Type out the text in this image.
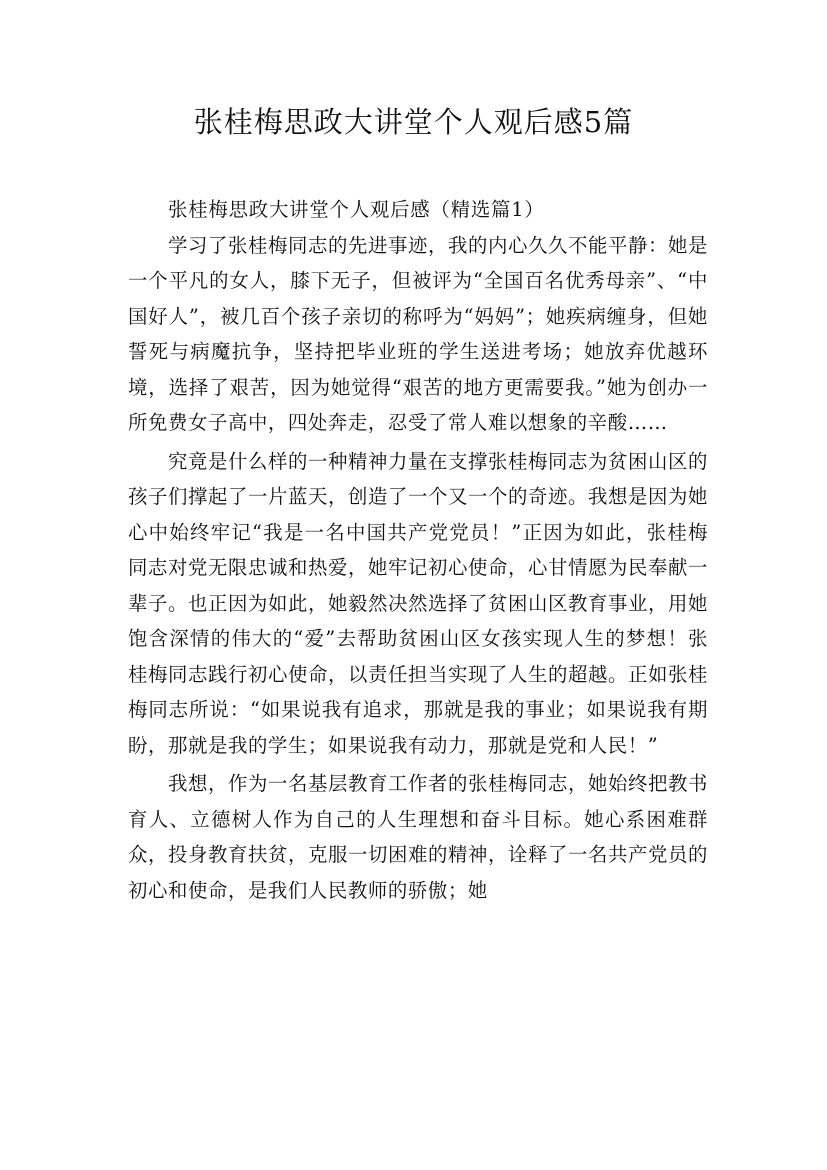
张桂梅思政大讲堂个人观后感5篇

张桂梅思政大讲堂个人观后感（精选篇1）

学习了张桂梅同志的先进事迹，我的内心久久不能平静：她是一个平凡的女人，膝下无子，但被评为“全国百名优秀母亲”、“中国好人”，被几百个孩子亲切的称呼为“妈妈”；她疾病缠身，但她誓死与病魔抗争，坚持把毕业班的学生送进考场；她放弃优越环境，选择了艰苦，因为她觉得“艰苦的地方更需要我。”她为创办一所免费女子高中，四处奔走，忍受了常人难以想象的辛酸……

究竟是什么样的一种精神力量在支撑张桂梅同志为贫困山区的孩子们撑起了一片蓝天，创造了一个又一个的奇迹。我想是因为她心中始终牢记“我是一名中国共产党党员！”正因为如此，张桂梅同志对党无限忠诚和热爱，她牢记初心使命，心甘情愿为民奉献一辈子。也正因为如此，她毅然决然选择了贫困山区教育事业，用她饱含深情的伟大的“爱”去帮助贫困山区女孩实现人生的梦想！张桂梅同志践行初心使命，以责任担当实现了人生的超越。正如张桂梅同志所说：“如果说我有追求，那就是我的事业；如果说我有期盼，那就是我的学生；如果说我有动力，那就是党和人民！”

我想，作为一名基层教育工作者的张桂梅同志，她始终把教书育人、立德树人作为自己的人生理想和奋斗目标。她心系困难群众，投身教育扶贫，克服一切困难的精神，诠释了一名共产党员的初心和使命，是我们人民教师的骄傲；她
